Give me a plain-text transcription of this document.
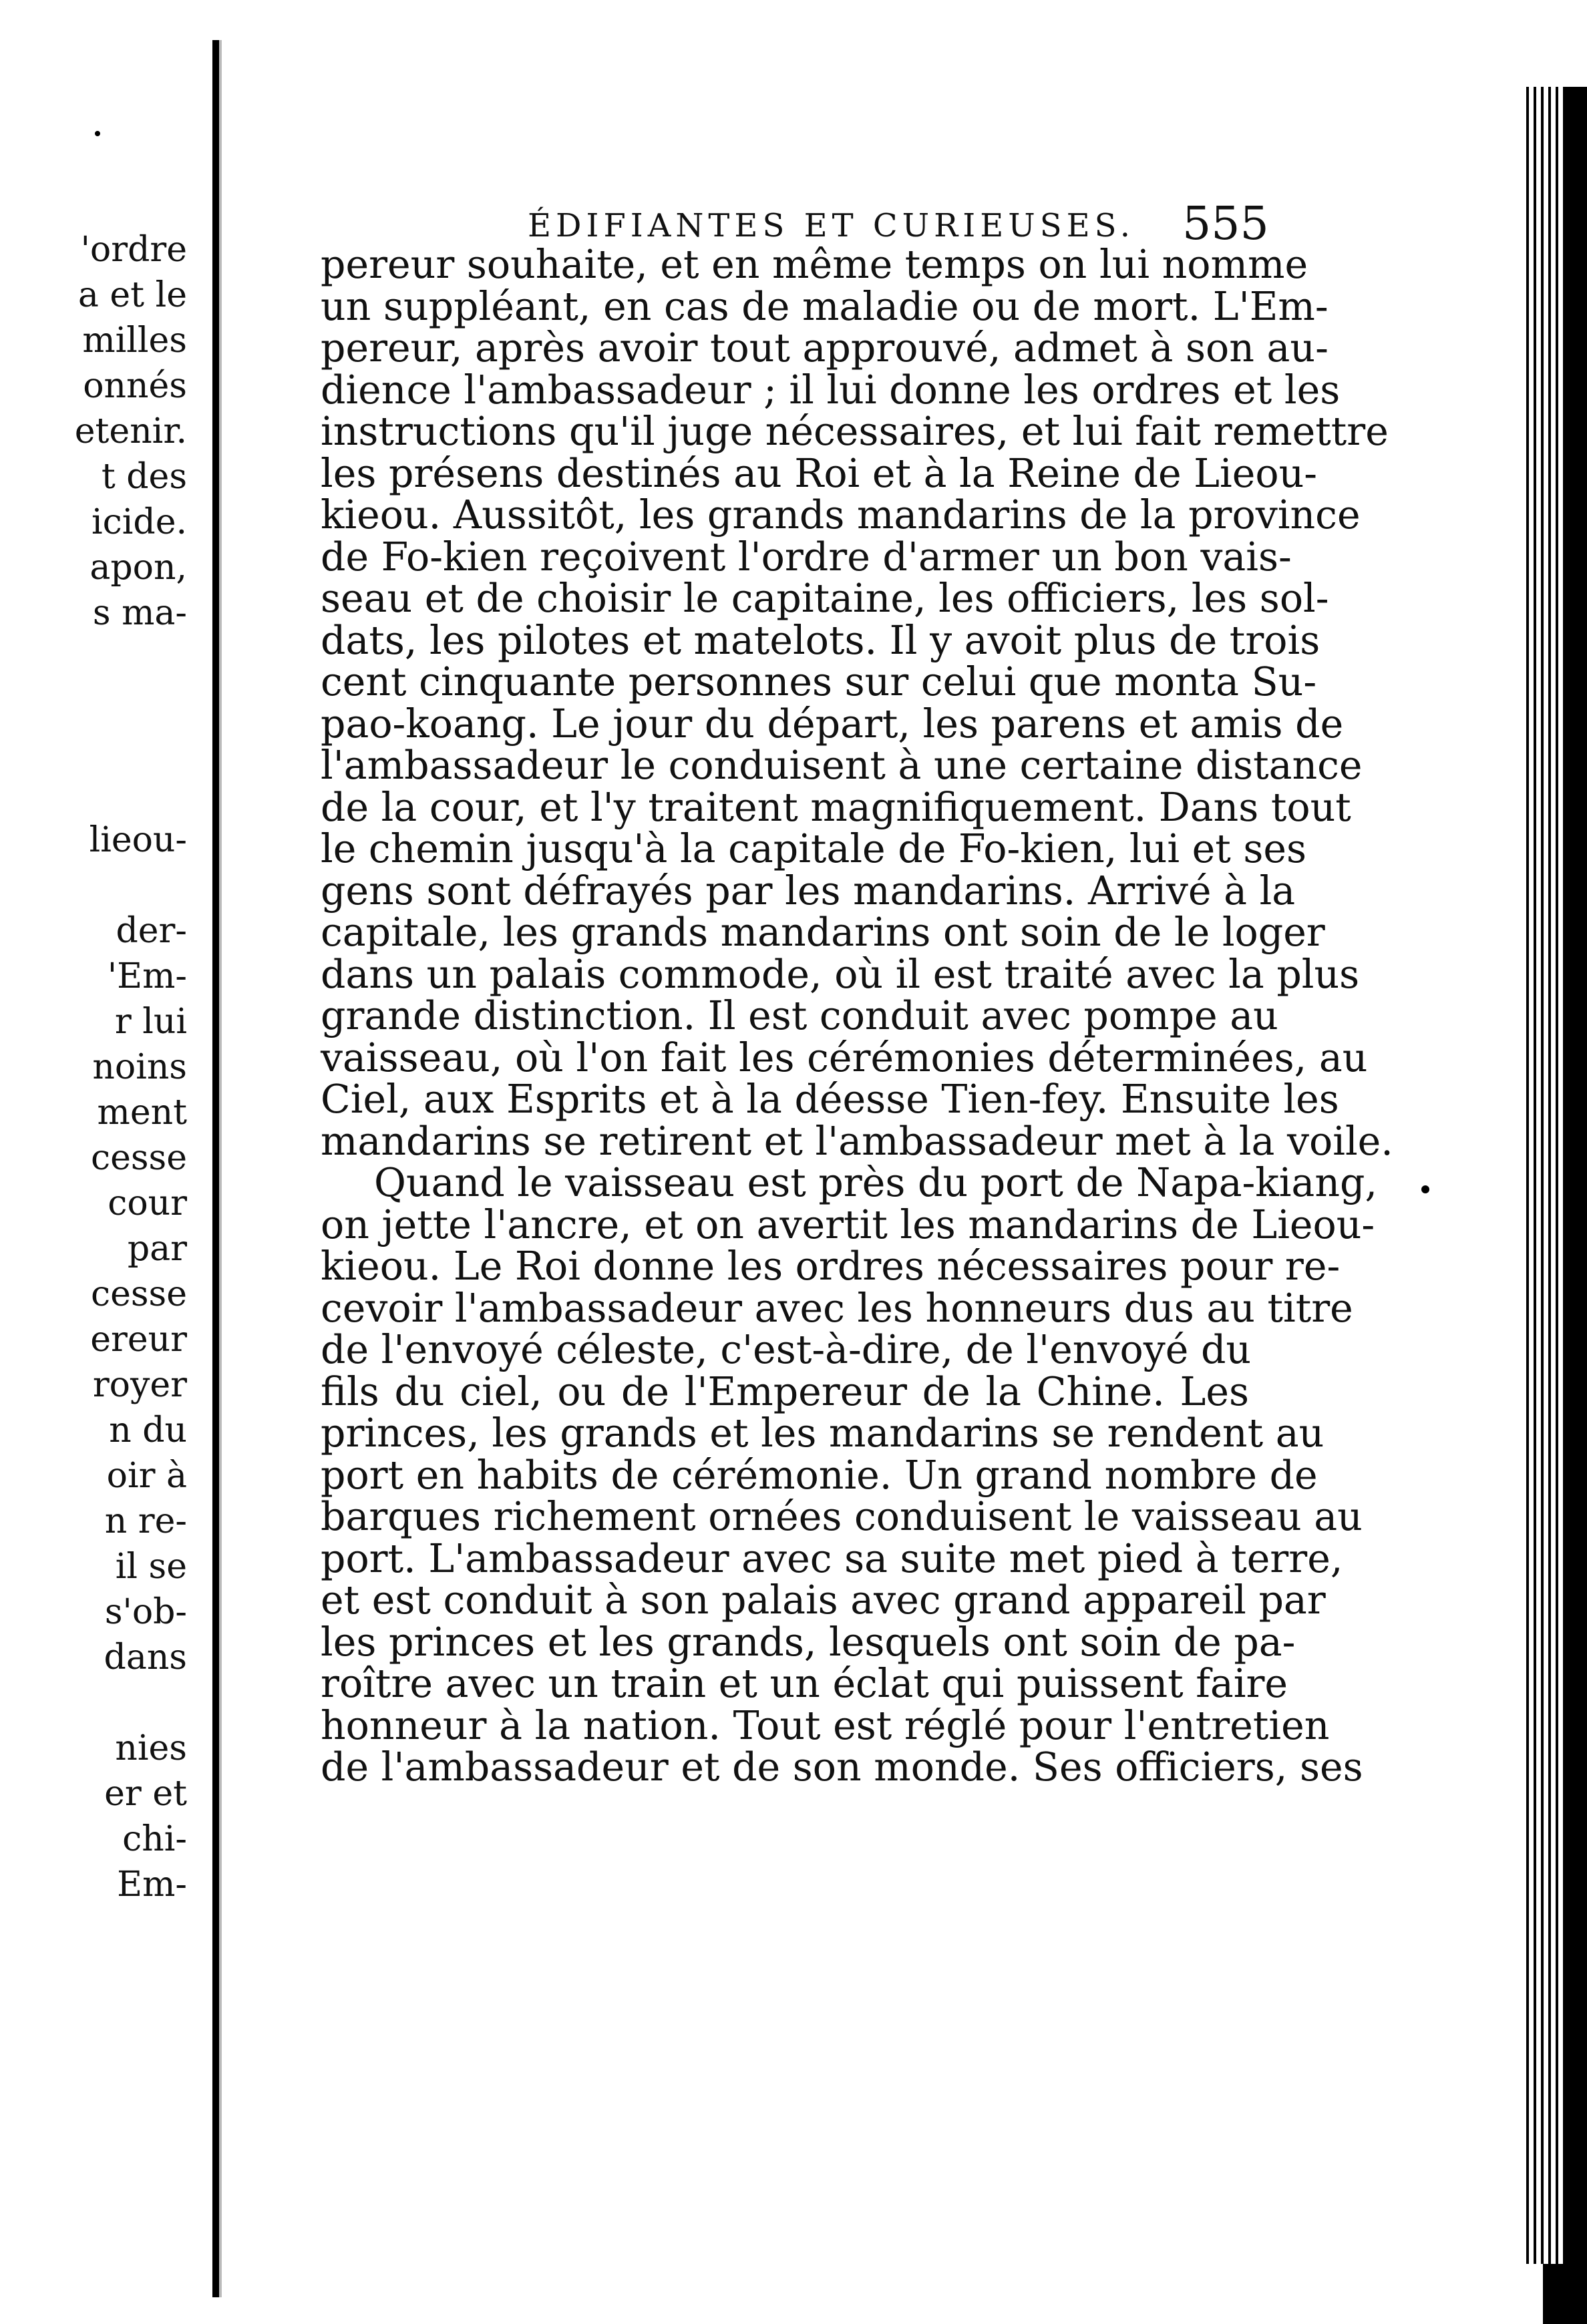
'ordre
a et le
milles
onnés
etenir.
t des
icide.
apon,
s ma-
lieou-
der-
'Em-
r lui
noins
ment
cesse
cour
par
cesse
ereur
royer
n du
oir à
n re-
il se
s'ob-
dans
nies
er et
chi-
Em-
ÉDIFIANTES ET CURIEUSES.	555
pereur souhaite, et en même temps on lui nomme
un suppléant, en cas de maladie ou de mort. L'Em-
pereur, après avoir tout approuvé, admet à son au-
dience l'ambassadeur ; il lui donne les ordres et les
instructions qu'il juge nécessaires, et lui fait remettre
les présens destinés au Roi et à la Reine de Lieou-
kieou. Aussitôt, les grands mandarins de la province
de Fo-kien reçoivent l'ordre d'armer un bon vais-
seau et de choisir le capitaine, les officiers, les sol-
dats, les pilotes et matelots. Il y avoit plus de trois
cent cinquante personnes sur celui que monta Su-
pao-koang. Le jour du départ, les parens et amis de
l'ambassadeur le conduisent à une certaine distance
de la cour, et l'y traitent magnifiquement. Dans tout
le chemin jusqu'à la capitale de Fo-kien, lui et ses
gens sont défrayés par les mandarins. Arrivé à la
capitale, les grands mandarins ont soin de le loger
dans un palais commode, où il est traité avec la plus
grande distinction. Il est conduit avec pompe au
vaisseau, où l'on fait les cérémonies déterminées, au
Ciel, aux Esprits et à la déesse Tien-fey. Ensuite les
mandarins se retirent et l'ambassadeur met à la voile.
Quand le vaisseau est près du port de Napa-kiang,
on jette l'ancre, et on avertit les mandarins de Lieou-
kieou. Le Roi donne les ordres nécessaires pour re-
cevoir l'ambassadeur avec les honneurs dus au titre
de l'envoyé céleste, c'est-à-dire, de l'envoyé du
fils du ciel, ou de l'Empereur de la Chine. Les
princes, les grands et les mandarins se rendent au
port en habits de cérémonie. Un grand nombre de
barques richement ornées conduisent le vaisseau au
port. L'ambassadeur avec sa suite met pied à terre,
et est conduit à son palais avec grand appareil par
les princes et les grands, lesquels ont soin de pa-
roître avec un train et un éclat qui puissent faire
honneur à la nation. Tout est réglé pour l'entretien
de l'ambassadeur et de son monde. Ses officiers, ses
